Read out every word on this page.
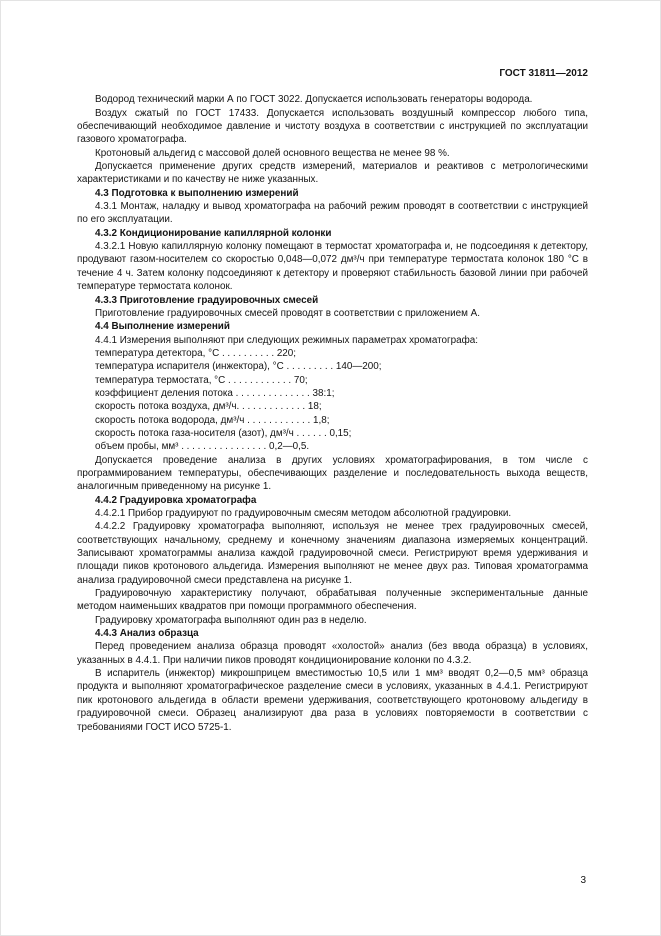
ГОСТ 31811—2012

Водород технический марки А по ГОСТ 3022. Допускается использовать генераторы водорода.

Воздух сжатый по ГОСТ 17433. Допускается использовать воздушный компрессор любого типа, обеспечивающий необходимое давление и чистоту воздуха в соответствии с инструкцией по эксплуатации газового хроматографа.

Кротоновый альдегид с массовой долей основного вещества не менее 98 %.

Допускается применение других средств измерений, материалов и реактивов с метрологическими характеристиками и по качеству не ниже указанных.

4.3 Подготовка к выполнению измерений

4.3.1 Монтаж, наладку и вывод хроматографа на рабочий режим проводят в соответствии с инструкцией по его эксплуатации.

4.3.2 Кондиционирование капиллярной колонки

4.3.2.1 Новую капиллярную колонку помещают в термостат хроматографа и, не подсоединяя к детектору, продувают газом-носителем со скоростью 0,048—0,072 дм³/ч при температуре термостата колонок 180 °С в течение 4 ч. Затем колонку подсоединяют к детектору и проверяют стабильность базовой линии при рабочей температуре термостата колонок.

4.3.3 Приготовление градуировочных смесей

Приготовление градуировочных смесей проводят в соответствии с приложением А.

4.4 Выполнение измерений

4.4.1 Измерения выполняют при следующих режимных параметрах хроматографа:

температура детектора, °С . . . . . . . . . . 220;

температура испарителя (инжектора), °С . . . . . . . . . 140—200;

температура термостата, °С . . . . . . . . . . . . 70;

коэффициент деления потока . . . . . . . . . . . . . . 38:1;

скорость потока воздуха, дм³/ч. . . . . . . . . . . . . 18;

скорость потока водорода, дм³/ч . . . . . . . . . . . . 1,8;

скорость потока газа-носителя (азот), дм³/ч . . . . . . 0,15;

объем пробы, мм³ . . . . . . . . . . . . . . . . 0,2—0,5.

Допускается проведение анализа в других условиях хроматографирования, в том числе с программированием температуры, обеспечивающих разделение и последовательность выхода веществ, аналогичным приведенному на рисунке 1.

4.4.2 Градуировка хроматографа

4.4.2.1 Прибор градуируют по градуировочным смесям методом абсолютной градуировки.

4.4.2.2 Градуировку хроматографа выполняют, используя не менее трех градуировочных смесей, соответствующих начальному, среднему и конечному значениям диапазона измеряемых концентраций. Записывают хроматограммы анализа каждой градуировочной смеси. Регистрируют время удерживания и площади пиков кротонового альдегида. Измерения выполняют не менее двух раз. Типовая хроматограмма анализа градуировочной смеси представлена на рисунке 1.

Градуировочную характеристику получают, обрабатывая полученные экспериментальные данные методом наименьших квадратов при помощи программного обеспечения.

Градуировку хроматографа выполняют один раз в неделю.

4.4.3 Анализ образца

Перед проведением анализа образца проводят «холостой» анализ (без ввода образца) в условиях, указанных в 4.4.1. При наличии пиков проводят кондиционирование колонки по 4.3.2.

В испаритель (инжектор) микрошприцем вместимостью 10,5 или 1 мм³ вводят 0,2—0,5 мм³ образца продукта и выполняют хроматографическое разделение смеси в условиях, указанных в 4.4.1. Регистрируют пик кротонового альдегида в области времени удерживания, соответствующего кротоновому альдегиду в градуировочной смеси. Образец анализируют два раза в условиях повторяемости в соответствии с требованиями ГОСТ ИСО 5725-1.

3
